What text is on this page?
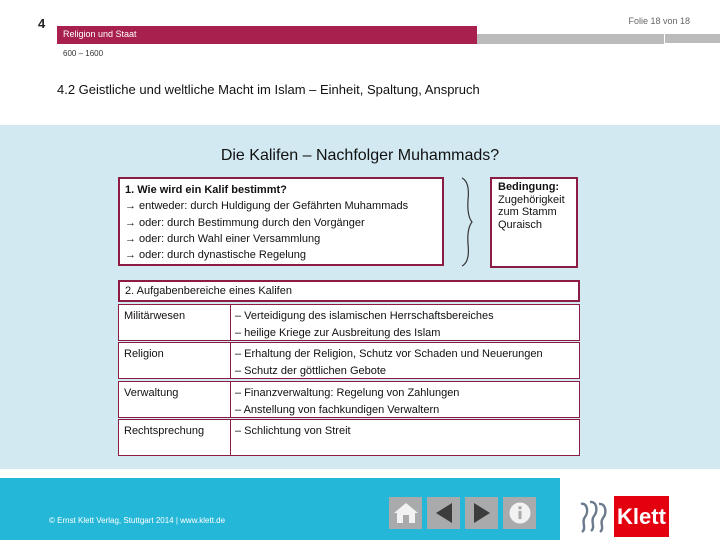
4	Folie 18 von 18
Religion und Staat
600 – 1600
4.2 Geistliche und weltliche Macht im Islam – Einheit, Spaltung, Anspruch
Die Kalifen – Nachfolger Muhammads?
1. Wie wird ein Kalif bestimmt?
→ entweder: durch Huldigung der Gefährten Muhammads
→ oder: durch Bestimmung durch den Vorgänger
→ oder: durch Wahl einer Versammlung
→ oder: durch dynastische Regelung
Bedingung:
Zugehörigkeit
zum Stamm
Quraisch
2. Aufgabenbereiche eines Kalifen
Militärwesen	– Verteidigung des islamischen Herrschaftsbereiches
– heilige Kriege zur Ausbreitung des Islam
Religion	– Erhaltung der Religion, Schutz vor Schaden und Neuerungen
– Schutz der göttlichen Gebote
Verwaltung	– Finanzverwaltung: Regelung von Zahlungen
– Anstellung von fachkundigen Verwaltern
Rechtsprechung	– Schlichtung von Streit
© Ernst Klett Verlag, Stuttgart 2014 | www.klett.de	Klett
